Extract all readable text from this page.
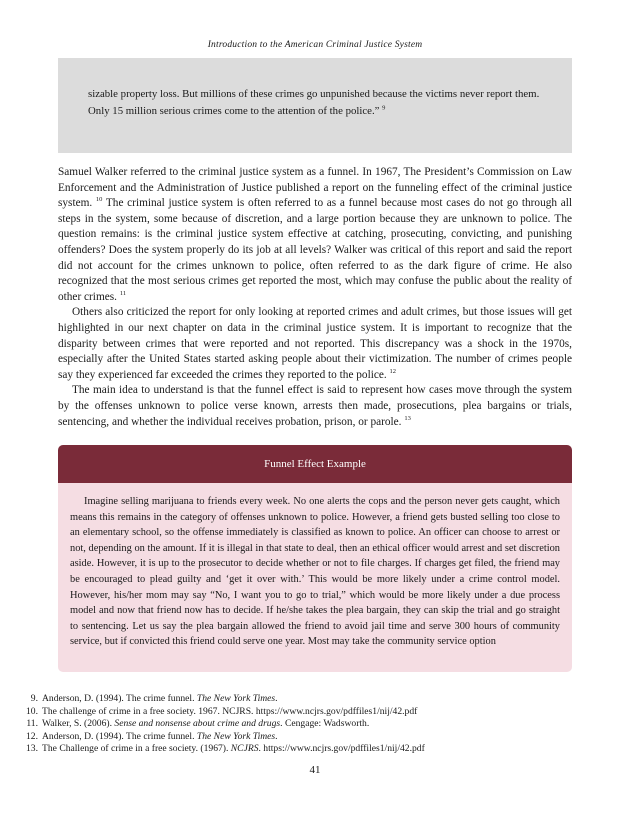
Introduction to the American Criminal Justice System
sizable property loss. But millions of these crimes go unpunished because the victims never report them. Only 15 million serious crimes come to the attention of the police.” $^9$

Samuel Walker referred to the criminal justice system as a funnel. In 1967, The President’s Commission on Law Enforcement and the Administration of Justice published a report on the funneling effect of the criminal justice system. $^{10}$ The criminal justice system is often referred to as a funnel because most cases do not go through all steps in the system, some because of discretion, and a large portion because they are unknown to police. The question remains: is the criminal justice system effective at catching, prosecuting, convicting, and punishing offenders? Does the system properly do its job at all levels? Walker was critical of this report and said the report did not account for the crimes unknown to police, often referred to as the dark figure of crime. He also recognized that the most serious crimes get reported the most, which may confuse the public about the reality of other crimes. $^{11}$

Others also criticized the report for only looking at reported crimes and adult crimes, but those issues will get highlighted in our next chapter on data in the criminal justice system. It is important to recognize that the disparity between crimes that were reported and not reported. This discrepancy was a shock in the 1970s, especially after the United States started asking people about their victimization. The number of crimes people say they experienced far exceeded the crimes they reported to the police. $^{12}$

The main idea to understand is that the funnel effect is said to represent how cases move through the system by the offenses unknown to police verse known, arrests then made, prosecutions, plea bargains or trials, sentencing, and whether the individual receives probation, prison, or parole. $^{13}$

Funnel Effect Example
Imagine selling marijuana to friends every week. No one alerts the cops and the person never gets caught, which means this remains in the category of offenses unknown to police. However, a friend gets busted selling too close to an elementary school, so the offense immediately is classified as known to police. An officer can choose to arrest or not, depending on the amount. If it is illegal in that state to deal, then an ethical officer would arrest and set discretion aside. However, it is up to the prosecutor to decide whether or not to file charges. If charges get filed, the friend may be encouraged to plead guilty and ‘get it over with.’ This would be more likely under a crime control model. However, his/her mom may say “No, I want you to go to trial,” which would be more likely under a due process model and now that friend now has to decide. If he/she takes the plea bargain, they can skip the trial and go straight to sentencing. Let us say the plea bargain allowed the friend to avoid jail time and serve 300 hours of community service, but if convicted this friend could serve one year. Most may take the community service option
9. Anderson, D. (1994). The crime funnel. The New York Times.
10. The challenge of crime in a free society. 1967. NCJRS. https://www.ncjrs.gov/pdffiles1/nij/42.pdf
11. Walker, S. (2006). Sense and nonsense about crime and drugs. Cengage: Wadsworth.
12. Anderson, D. (1994). The crime funnel. The New York Times.
13. The Challenge of crime in a free society. (1967). NCJRS. https://www.ncjrs.gov/pdffiles1/nij/42.pdf
41
